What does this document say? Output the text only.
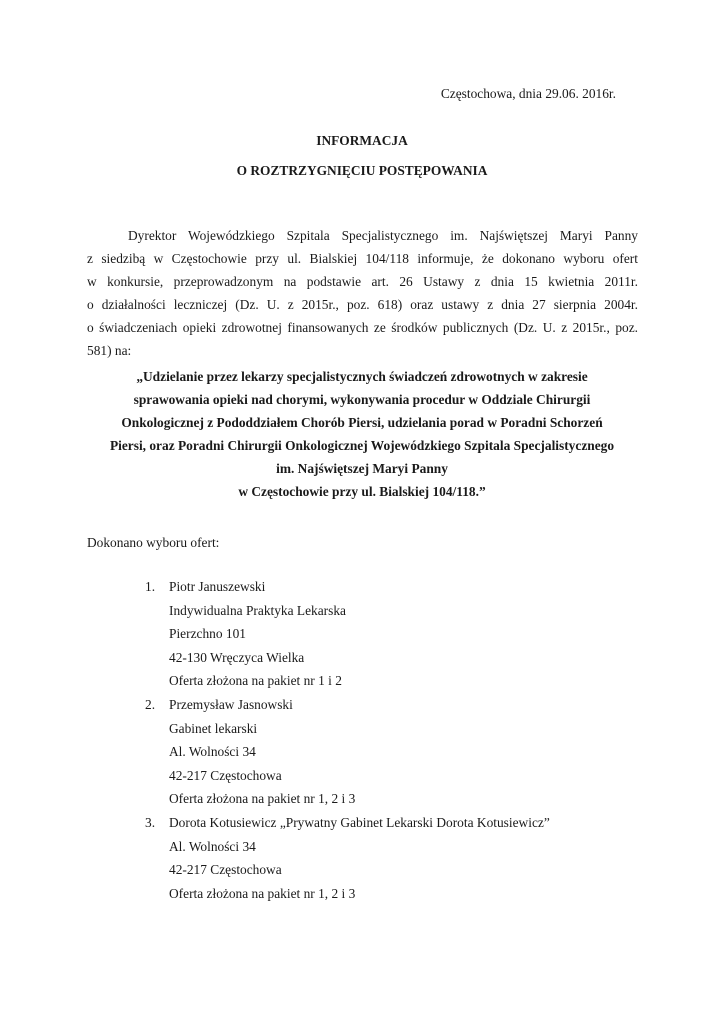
Częstochowa, dnia 29.06. 2016r.
INFORMACJA
O ROZTRZYGNIĘCIU POSTĘPOWANIA
Dyrektor Wojewódzkiego Szpitala Specjalistycznego im. Najświętszej Maryi Panny
z siedzibą w Częstochowie przy ul. Bialskiej 104/118 informuje, że dokonano wyboru ofert
w konkursie, przeprowadzonym na podstawie art. 26 Ustawy z dnia 15 kwietnia 2011r.
o działalności leczniczej (Dz. U. z 2015r., poz. 618) oraz ustawy z dnia 27 sierpnia 2004r.
o świadczeniach opieki zdrowotnej finansowanych ze środków publicznych (Dz. U. z 2015r., poz.
581) na:
„Udzielanie przez lekarzy specjalistycznych świadczeń zdrowotnych w zakresie
sprawowania opieki nad chorymi, wykonywania procedur w Oddziale Chirurgii
Onkologicznej z Pododdziałem Chorób Piersi, udzielania porad w Poradni Schorzeń
Piersi, oraz Poradni Chirurgii Onkologicznej Wojewódzkiego Szpitala Specjalistycznego
im. Najświętszej Maryi Panny
w Częstochowie przy ul. Bialskiej 104/118.”
Dokonano wyboru ofert:
1.	Piotr Januszewski
Indywidualna Praktyka Lekarska
Pierzchno 101
42-130 Wręczyca Wielka
Oferta złożona na pakiet nr 1 i 2
2.	Przemysław Jasnowski
Gabinet lekarski
Al. Wolności 34
42-217 Częstochowa
Oferta złożona na pakiet nr 1, 2 i 3
3.	Dorota Kotusiewicz „Prywatny Gabinet Lekarski Dorota Kotusiewicz”
Al. Wolności 34
42-217 Częstochowa
Oferta złożona na pakiet nr 1, 2 i 3
